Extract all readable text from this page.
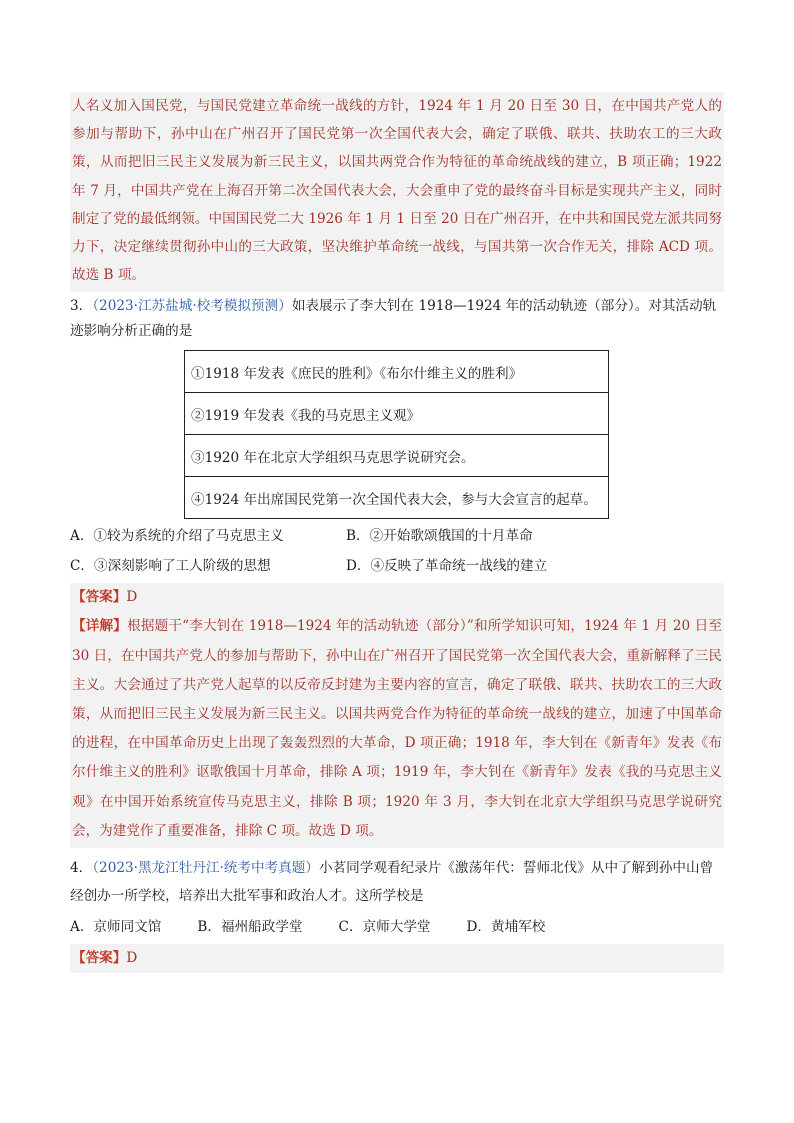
人名义加入国民党，与国民党建立革命统一战线的方针，1924 年 1 月 20 日至 30 日，在中国共产党人的参加与帮助下，孙中山在广州召开了国民党第一次全国代表大会，确定了联俄、联共、扶助农工的三大政策，从而把旧三民主义发展为新三民主义，以国共两党合作为特征的革命统战线的建立，B 项正确；1922 年 7 月，中国共产党在上海召开第二次全国代表大会，大会重申了党的最终奋斗目标是实现共产主义，同时制定了党的最低纲领。中国国民党二大 1926 年 1 月 1 日至 20 日在广州召开，在中共和国民党左派共同努力下，决定继续贯彻孙中山的三大政策，坚决维护革命统一战线，与国共第一次合作无关，排除 ACD 项。故选 B 项。

3．（2023·江苏盐城·校考模拟预测）如表展示了李大钊在 1918—1924 年的活动轨迹（部分）。对其活动轨迹影响分析正确的是

①1918 年发表《庶民的胜利》《布尔什维主义的胜利》
②1919 年发表《我的马克思主义观》
③1920 年在北京大学组织马克思学说研究会。
④1924 年出席国民党第一次全国代表大会，参与大会宣言的起草。
A．①较为系统的介绍了马克思主义	B．②开始歌颂俄国的十月革命
C．③深刻影响了工人阶级的思想	D．④反映了革命统一战线的建立

【答案】D

【详解】根据题干“李大钊在 1918—1924 年的活动轨迹（部分）”和所学知识可知，1924 年 1 月 20 日至 30 日，在中国共产党人的参加与帮助下，孙中山在广州召开了国民党第一次全国代表大会，重新解释了三民主义。大会通过了共产党人起草的以反帝反封建为主要内容的宣言，确定了联俄、联共、扶助农工的三大政策，从而把旧三民主义发展为新三民主义。以国共两党合作为特征的革命统一战线的建立，加速了中国革命的进程，在中国革命历史上出现了轰轰烈烈的大革命，D 项正确；1918 年，李大钊在《新青年》发表《布尔什维主义的胜利》讴歌俄国十月革命，排除 A 项；1919 年，李大钊在《新青年》发表《我的马克思主义观》在中国开始系统宣传马克思主义，排除 B 项；1920 年 3 月，李大钊在北京大学组织马克思学说研究会，为建党作了重要准备，排除 C 项。故选 D 项。

4．（2023·黑龙江牡丹江·统考中考真题）小茗同学观看纪录片《激荡年代：誓师北伐》从中了解到孙中山曾经创办一所学校，培养出大批军事和政治人才。这所学校是

A．京师同文馆	B．福州船政学堂	C．京师大学堂	D．黄埔军校

【答案】D
